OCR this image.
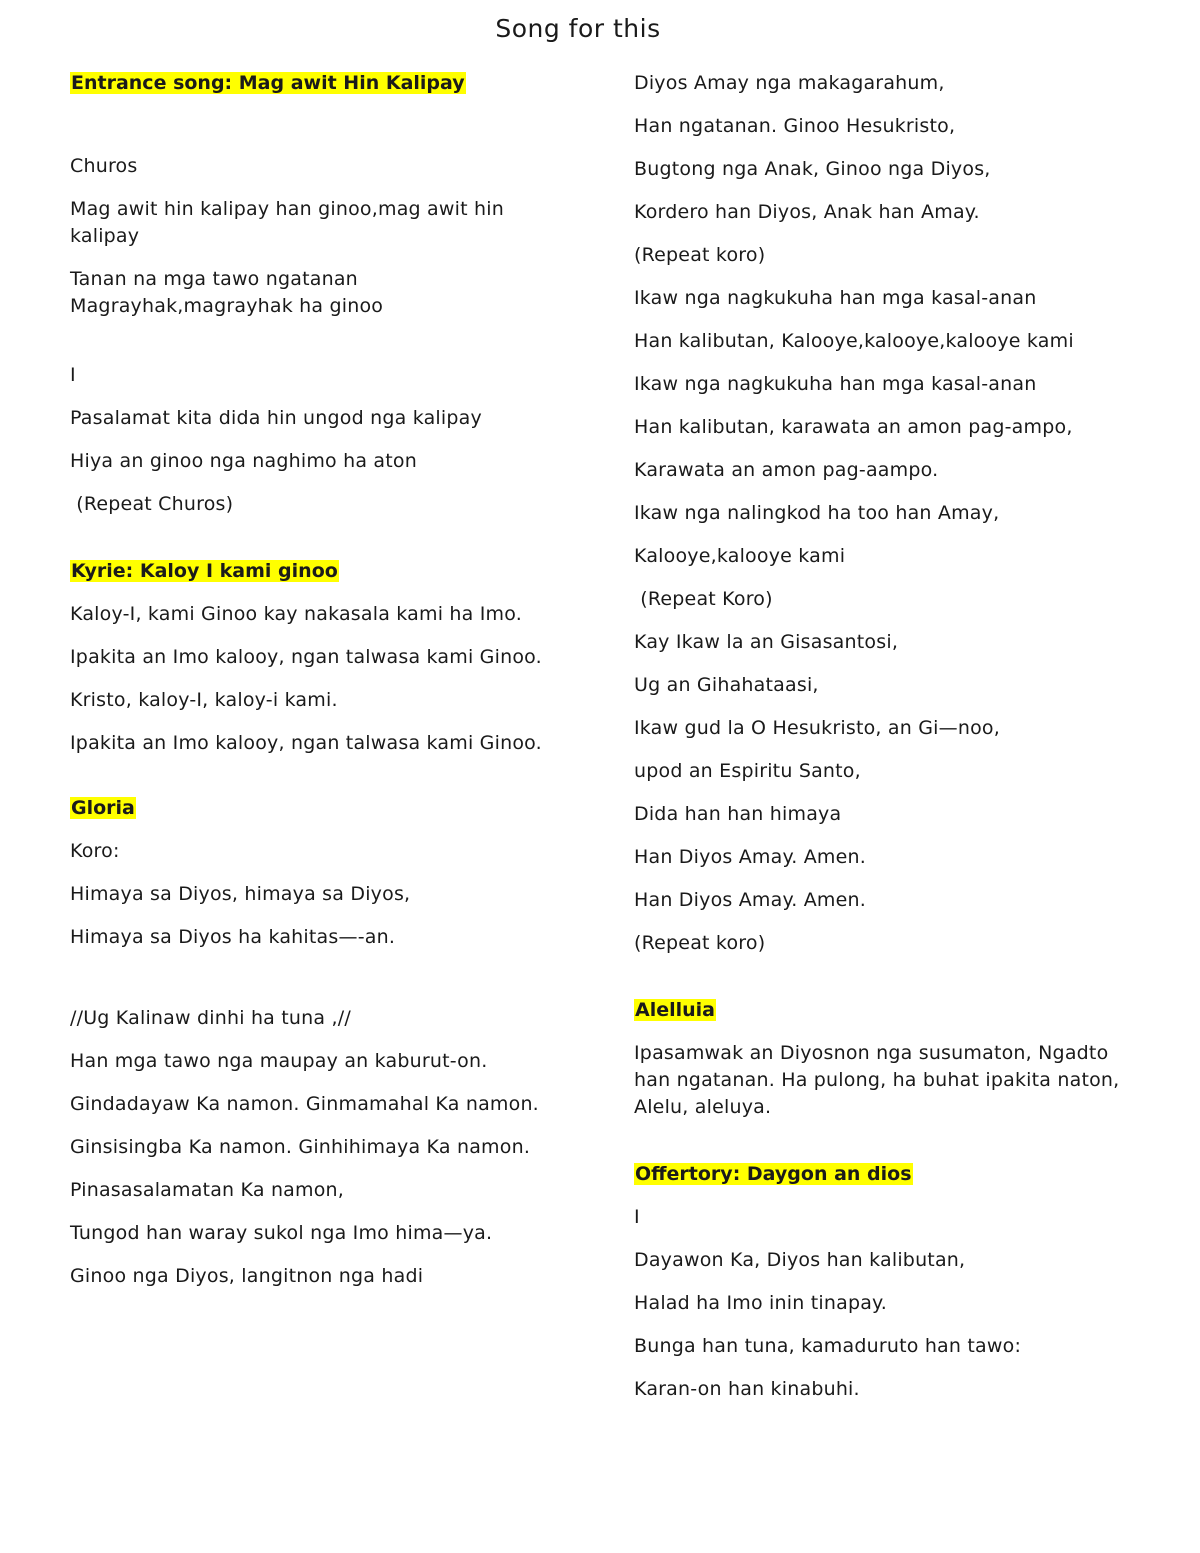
Song for this
Entrance song: Mag awit Hin Kalipay
Churos
Mag awit hin kalipay han ginoo,mag awit hin kalipay
Tanan na mga tawo ngatanan Magrayhak,magrayhak ha ginoo
I
Pasalamat kita dida hin ungod nga kalipay
Hiya an ginoo nga naghimo ha aton
(Repeat Churos)
Kyrie: Kaloy I kami ginoo
Kaloy-I, kami Ginoo kay nakasala kami ha Imo.
Ipakita an Imo kalooy, ngan talwasa kami Ginoo.
Kristo, kaloy-I, kaloy-i kami.
Ipakita an Imo kalooy, ngan talwasa kami Ginoo.
Gloria
Koro:
Himaya sa Diyos, himaya sa Diyos,
Himaya sa Diyos ha kahitas—-an.
//Ug Kalinaw dinhi ha tuna ,//
Han mga tawo nga maupay an kaburut-on.
Gindadayaw Ka namon. Ginmamahal Ka namon.
Ginsisingba Ka namon. Ginhihimaya Ka namon.
Pinasasalamatan Ka namon,
Tungod han waray sukol nga Imo hima—ya.
Ginoo nga Diyos, langitnon nga hadi
Diyos Amay nga makagarahum,
Han ngatanan. Ginoo Hesukristo,
Bugtong nga Anak, Ginoo nga Diyos,
Kordero han Diyos, Anak han Amay.
(Repeat koro)
Ikaw nga nagkukuha han mga kasal-anan
Han kalibutan, Kalooye,kalooye,kalooye kami
Ikaw nga nagkukuha han mga kasal-anan
Han kalibutan, karawata an amon pag-ampo,
Karawata an amon pag-aampo.
Ikaw nga nalingkod ha too han Amay,
Kalooye,kalooye kami
(Repeat Koro)
Kay Ikaw la an Gisasantosi,
Ug an Gihahataasi,
Ikaw gud la O Hesukristo, an Gi—noo,
upod an Espiritu Santo,
Dida han han himaya
Han Diyos Amay. Amen.
Han Diyos Amay. Amen.
(Repeat koro)
Alelluia
Ipasamwak an Diyosnon nga susumaton, Ngadto han ngatanan. Ha pulong, ha buhat ipakita naton, Alelu, aleluya.
Offertory: Daygon an dios
I
Dayawon Ka, Diyos han kalibutan,
Halad ha Imo inin tinapay.
Bunga han tuna, kamaduruto han tawo:
Karan-on han kinabuhi.
